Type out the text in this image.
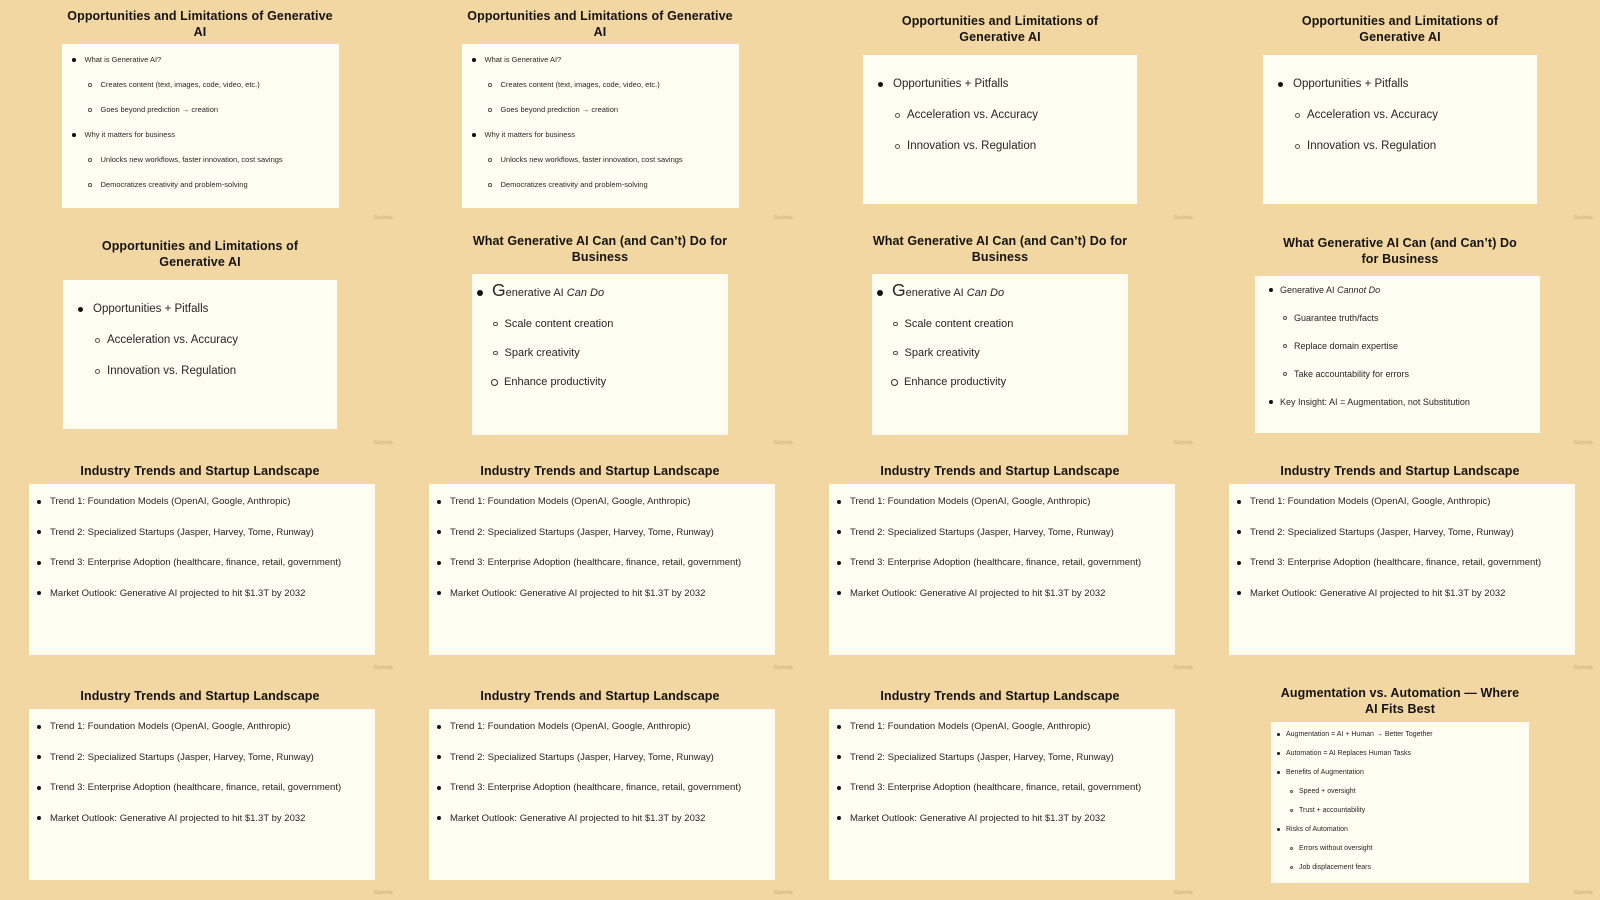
Opportunities and Limitations of Generative
AI
What is Generative AI?
Creates content (text, images, code, video, etc.)
Goes beyond prediction → creation
Why it matters for business
Unlocks new workflows, faster innovation, cost savings
Democratizes creativity and problem-solving
Gamma
Opportunities and Limitations of Generative
AI
What is Generative AI?
Creates content (text, images, code, video, etc.)
Goes beyond prediction → creation
Why it matters for business
Unlocks new workflows, faster innovation, cost savings
Democratizes creativity and problem-solving
Gamma
Opportunities and Limitations of
Generative AI
Opportunities + Pitfalls
Acceleration vs. Accuracy
Innovation vs. Regulation
Gamma
Opportunities and Limitations of
Generative AI
Opportunities + Pitfalls
Acceleration vs. Accuracy
Innovation vs. Regulation
Gamma
Opportunities and Limitations of
Generative AI
Opportunities + Pitfalls
Acceleration vs. Accuracy
Innovation vs. Regulation
Gamma
What Generative AI Can (and Can’t) Do for
Business
Generative AI Can Do
Scale content creation
Spark creativity
Enhance productivity
Gamma
What Generative AI Can (and Can’t) Do for
Business
Generative AI Can Do
Scale content creation
Spark creativity
Enhance productivity
Gamma
What Generative AI Can (and Can’t) Do
for Business
Generative AI Cannot Do
Guarantee truth/facts
Replace domain expertise
Take accountability for errors
Key Insight: AI = Augmentation, not Substitution
Gamma
Industry Trends and Startup Landscape
Trend 1: Foundation Models (OpenAI, Google, Anthropic)
Trend 2: Specialized Startups (Jasper, Harvey, Tome, Runway)
Trend 3: Enterprise Adoption (healthcare, finance, retail, government)
Market Outlook: Generative AI projected to hit $1.3T by 2032
Gamma
Industry Trends and Startup Landscape
Trend 1: Foundation Models (OpenAI, Google, Anthropic)
Trend 2: Specialized Startups (Jasper, Harvey, Tome, Runway)
Trend 3: Enterprise Adoption (healthcare, finance, retail, government)
Market Outlook: Generative AI projected to hit $1.3T by 2032
Gamma
Industry Trends and Startup Landscape
Trend 1: Foundation Models (OpenAI, Google, Anthropic)
Trend 2: Specialized Startups (Jasper, Harvey, Tome, Runway)
Trend 3: Enterprise Adoption (healthcare, finance, retail, government)
Market Outlook: Generative AI projected to hit $1.3T by 2032
Gamma
Industry Trends and Startup Landscape
Trend 1: Foundation Models (OpenAI, Google, Anthropic)
Trend 2: Specialized Startups (Jasper, Harvey, Tome, Runway)
Trend 3: Enterprise Adoption (healthcare, finance, retail, government)
Market Outlook: Generative AI projected to hit $1.3T by 2032
Gamma
Industry Trends and Startup Landscape
Trend 1: Foundation Models (OpenAI, Google, Anthropic)
Trend 2: Specialized Startups (Jasper, Harvey, Tome, Runway)
Trend 3: Enterprise Adoption (healthcare, finance, retail, government)
Market Outlook: Generative AI projected to hit $1.3T by 2032
Gamma
Industry Trends and Startup Landscape
Trend 1: Foundation Models (OpenAI, Google, Anthropic)
Trend 2: Specialized Startups (Jasper, Harvey, Tome, Runway)
Trend 3: Enterprise Adoption (healthcare, finance, retail, government)
Market Outlook: Generative AI projected to hit $1.3T by 2032
Gamma
Industry Trends and Startup Landscape
Trend 1: Foundation Models (OpenAI, Google, Anthropic)
Trend 2: Specialized Startups (Jasper, Harvey, Tome, Runway)
Trend 3: Enterprise Adoption (healthcare, finance, retail, government)
Market Outlook: Generative AI projected to hit $1.3T by 2032
Gamma
Augmentation vs. Automation — Where
AI Fits Best
Augmentation = AI + Human → Better Together
Automation = AI Replaces Human Tasks
Benefits of Augmentation
Speed + oversight
Trust + accountability
Risks of Automation
Errors without oversight
Job displacement fears
Gamma
